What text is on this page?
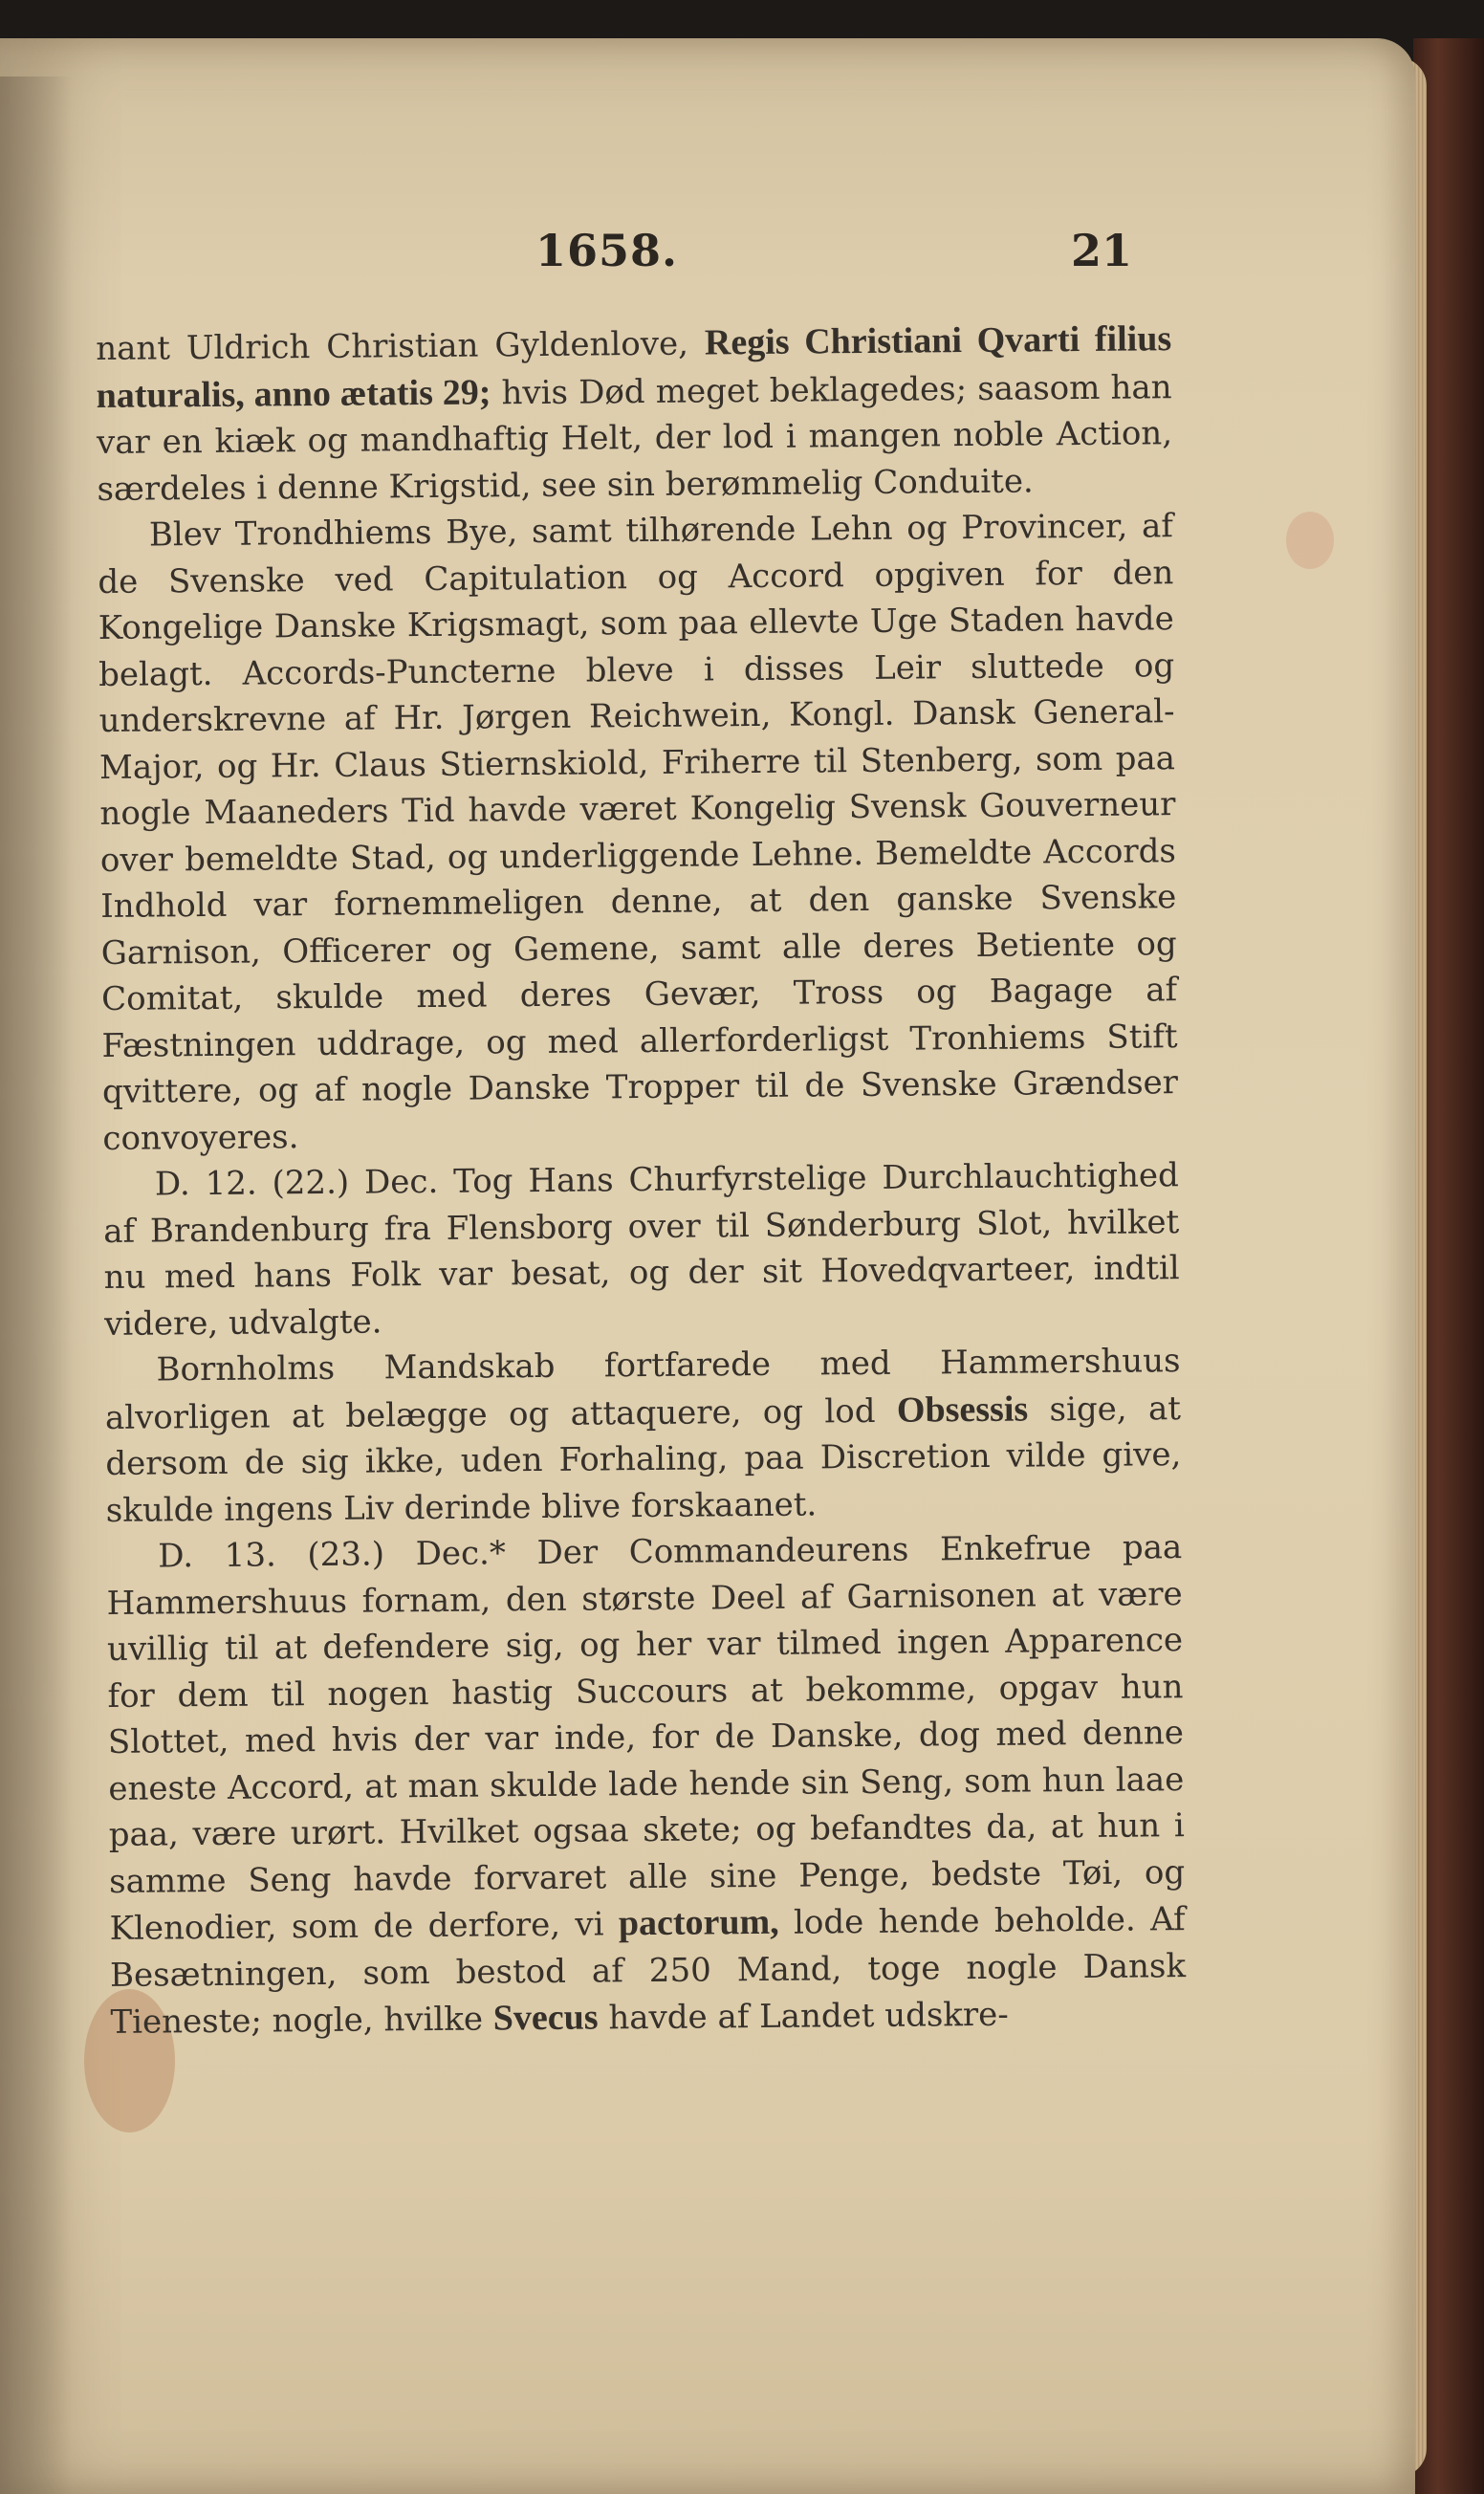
1658.	21

nant Uldrich Christian Gyldenlove, Regis Christiani Qvarti filius naturalis, anno ætatis 29; hvis Død meget beklagedes; saasom han var en kiæk og mandhaftig Helt, der lod i mangen noble Action, særdeles i denne Krigstid, see sin berømmelig Conduite.

Blev Trondhiems Bye, samt tilhørende Lehn og Provincer, af de Svenske ved Capitulation og Accord opgiven for den Kongelige Danske Krigsmagt, som paa ellevte Uge Staden havde belagt. Accords-Puncterne bleve i disses Leir sluttede og underskrevne af Hr. Jørgen Reichwein, Kongl. Dansk General-Major, og Hr. Claus Stiernskiold, Friherre til Stenberg, som paa nogle Maaneders Tid havde været Kongelig Svensk Gouverneur over bemeldte Stad, og underliggende Lehne. Bemeldte Accords Indhold var fornemmeligen denne, at den ganske Svenske Garnison, Officerer og Gemene, samt alle deres Betiente og Comitat, skulde med deres Gevær, Tross og Bagage af Fæstningen uddrage, og med allerforderligst Tronhiems Stift qvittere, og af nogle Danske Tropper til de Svenske Grændser convoyeres.

D. 12. (22.) Dec. Tog Hans Churfyrstelige Durchlauchtighed af Brandenburg fra Flensborg over til Sønderburg Slot, hvilket nu med hans Folk var besat, og der sit Hovedqvarteer, indtil videre, udvalgte.

Bornholms Mandskab fortfarede med Hammershuus alvorligen at belægge og attaquere, og lod Obsessis sige, at dersom de sig ikke, uden Forhaling, paa Discretion vilde give, skulde ingens Liv derinde blive forskaanet.

D. 13. (23.) Dec.* Der Commandeurens Enkefrue paa Hammershuus fornam, den største Deel af Garnisonen at være uvillig til at defendere sig, og her var tilmed ingen Apparence for dem til nogen hastig Succours at bekomme, opgav hun Slottet, med hvis der var inde, for de Danske, dog med denne eneste Accord, at man skulde lade hende sin Seng, som hun laae paa, være urørt. Hvilket ogsaa skete; og befandtes da, at hun i samme Seng havde forvaret alle sine Penge, bedste Tøi, og Klenodier, som de derfore, vi pactorum, lode hende beholde. Af Besætningen, som bestod af 250 Mand, toge nogle Dansk Tieneste; nogle, hvilke Svecus havde af Landet udskre-
